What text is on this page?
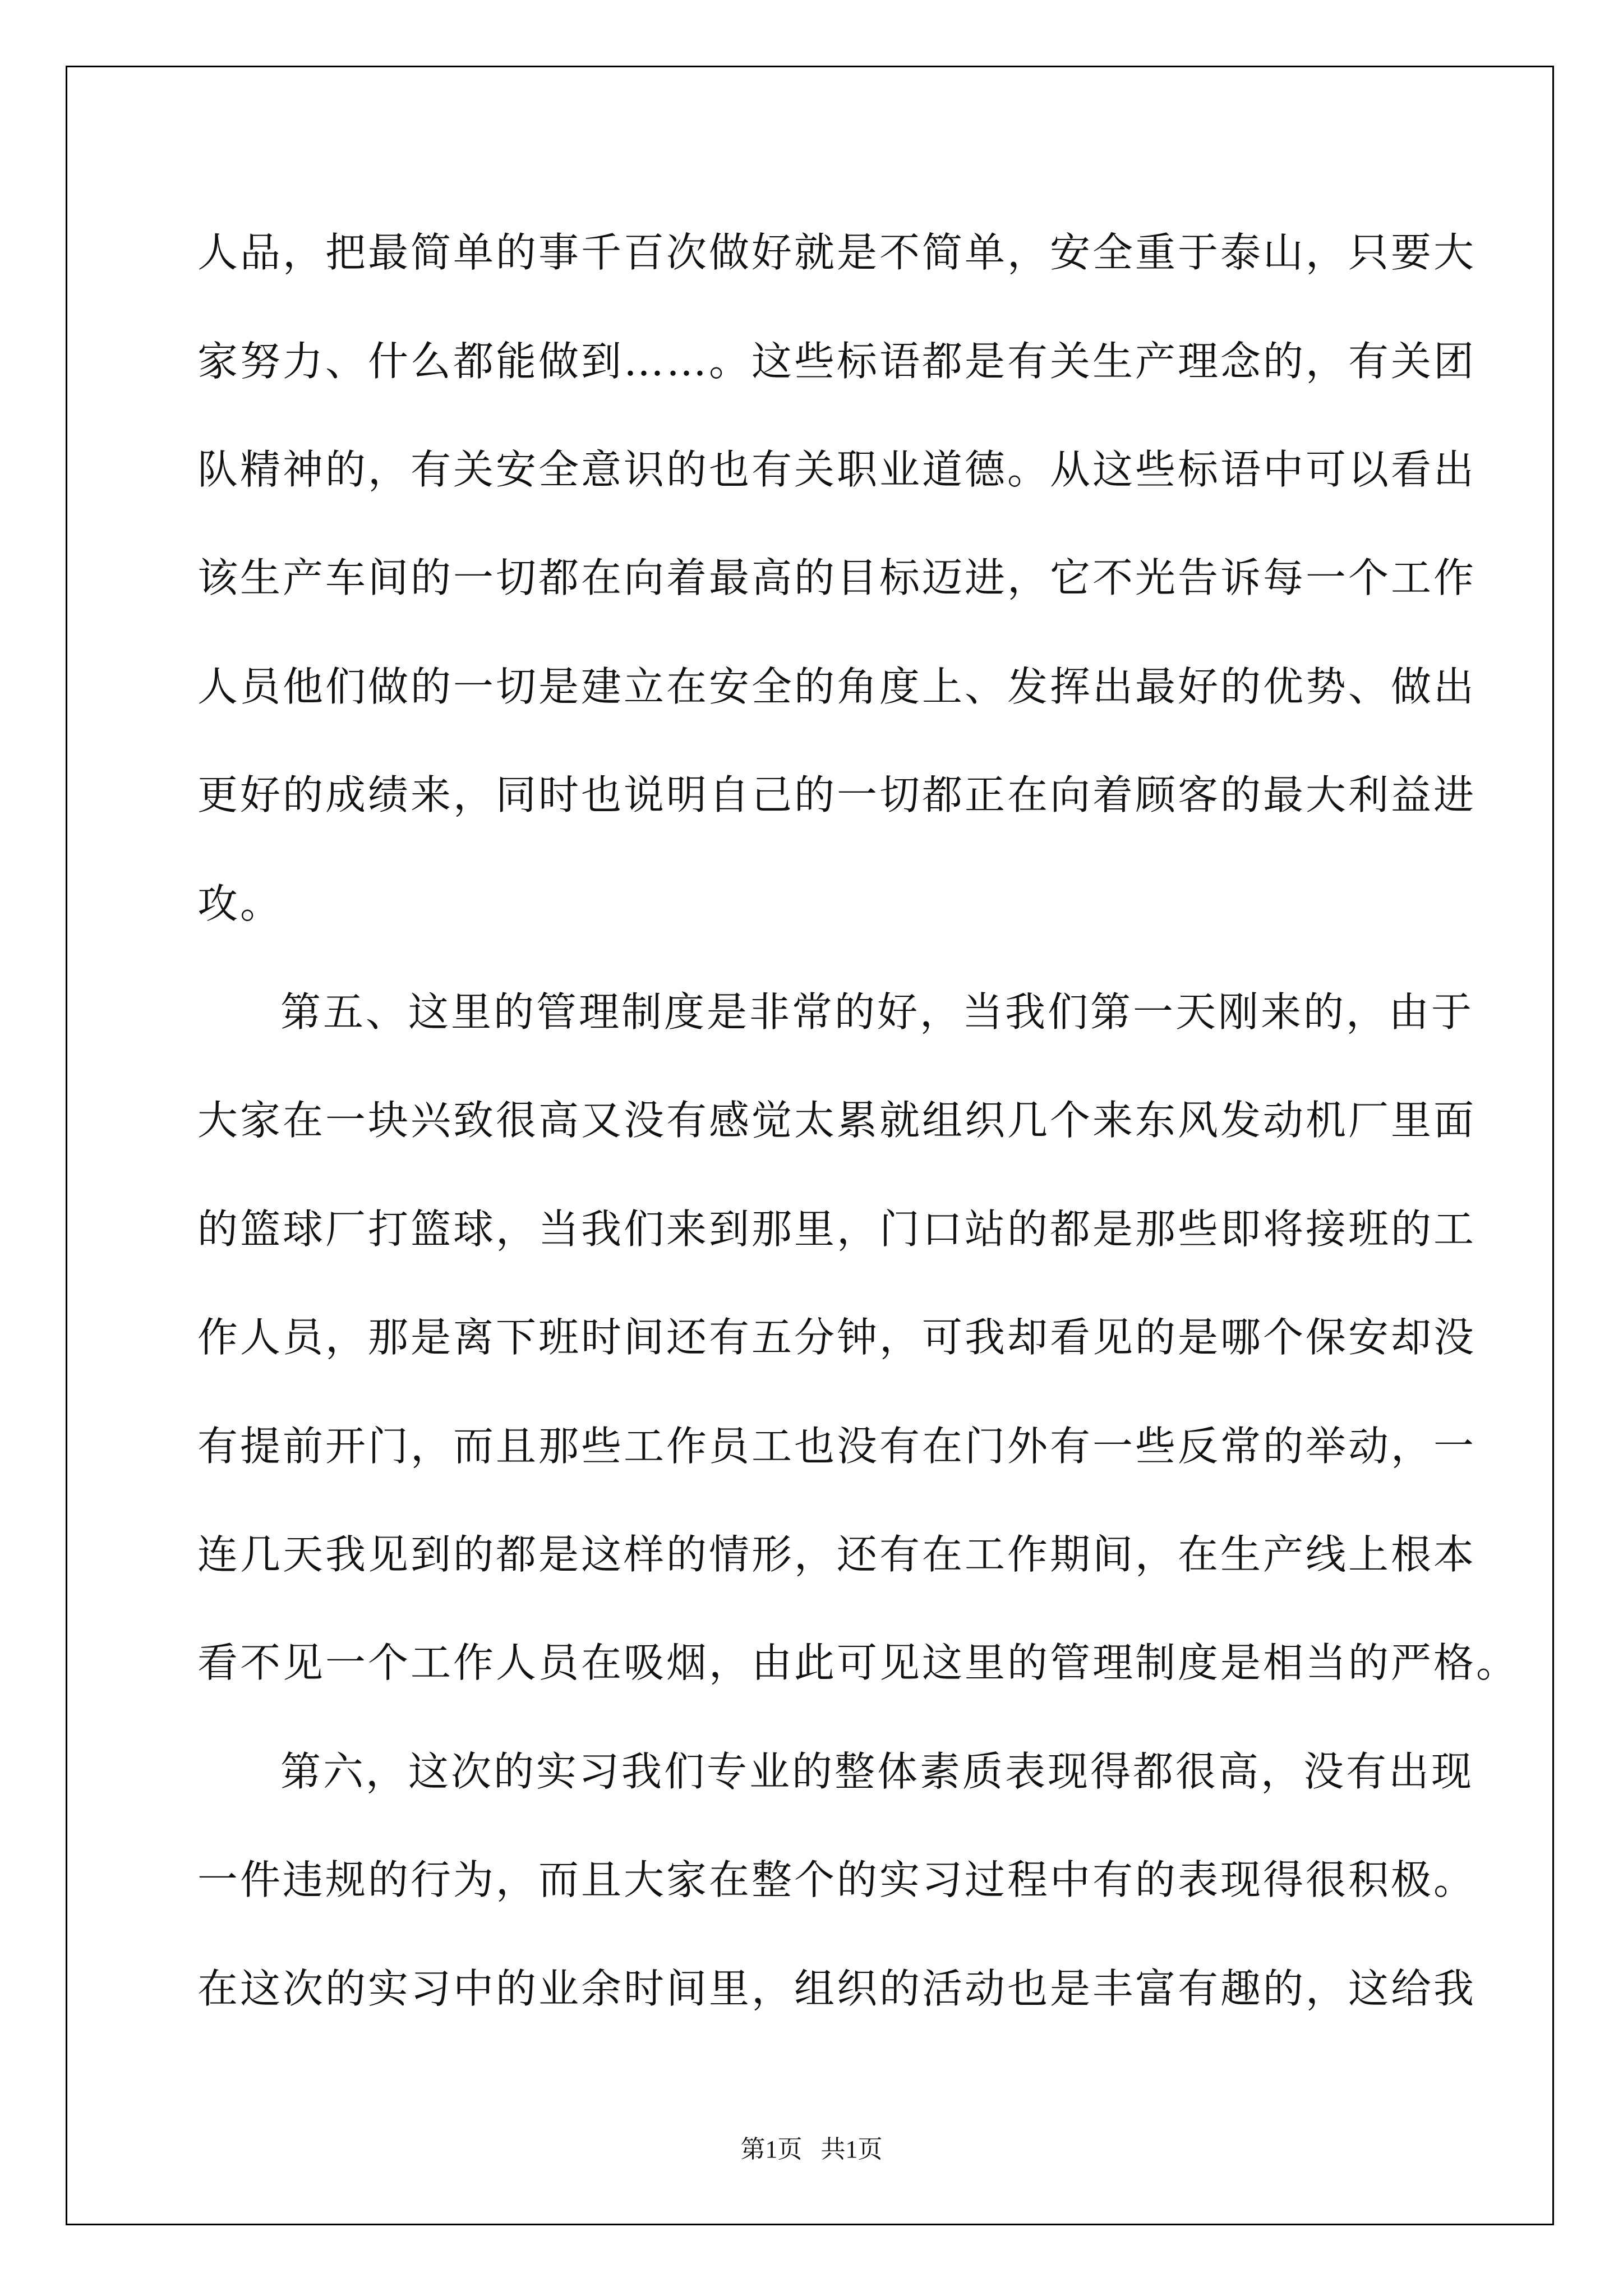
人品，把最简单的事千百次做好就是不简单，安全重于泰山，只要大
家努力、什么都能做到……。这些标语都是有关生产理念的，有关团
队精神的，有关安全意识的也有关职业道德。从这些标语中可以看出
该生产车间的一切都在向着最高的目标迈进，它不光告诉每一个工作
人员他们做的一切是建立在安全的角度上、发挥出最好的优势、做出
更好的成绩来，同时也说明自己的一切都正在向着顾客的最大利益进
攻。
第五、这里的管理制度是非常的好，当我们第一天刚来的，由于
大家在一块兴致很高又没有感觉太累就组织几个来东风发动机厂里面
的篮球厂打篮球，当我们来到那里，门口站的都是那些即将接班的工
作人员，那是离下班时间还有五分钟，可我却看见的是哪个保安却没
有提前开门，而且那些工作员工也没有在门外有一些反常的举动，一
连几天我见到的都是这样的情形，还有在工作期间，在生产线上根本
看不见一个工作人员在吸烟，由此可见这里的管理制度是相当的严格。
第六，这次的实习我们专业的整体素质表现得都很高，没有出现
一件违规的行为，而且大家在整个的实习过程中有的表现得很积极。
在这次的实习中的业余时间里，组织的活动也是丰富有趣的，这给我
第1页   共1页
